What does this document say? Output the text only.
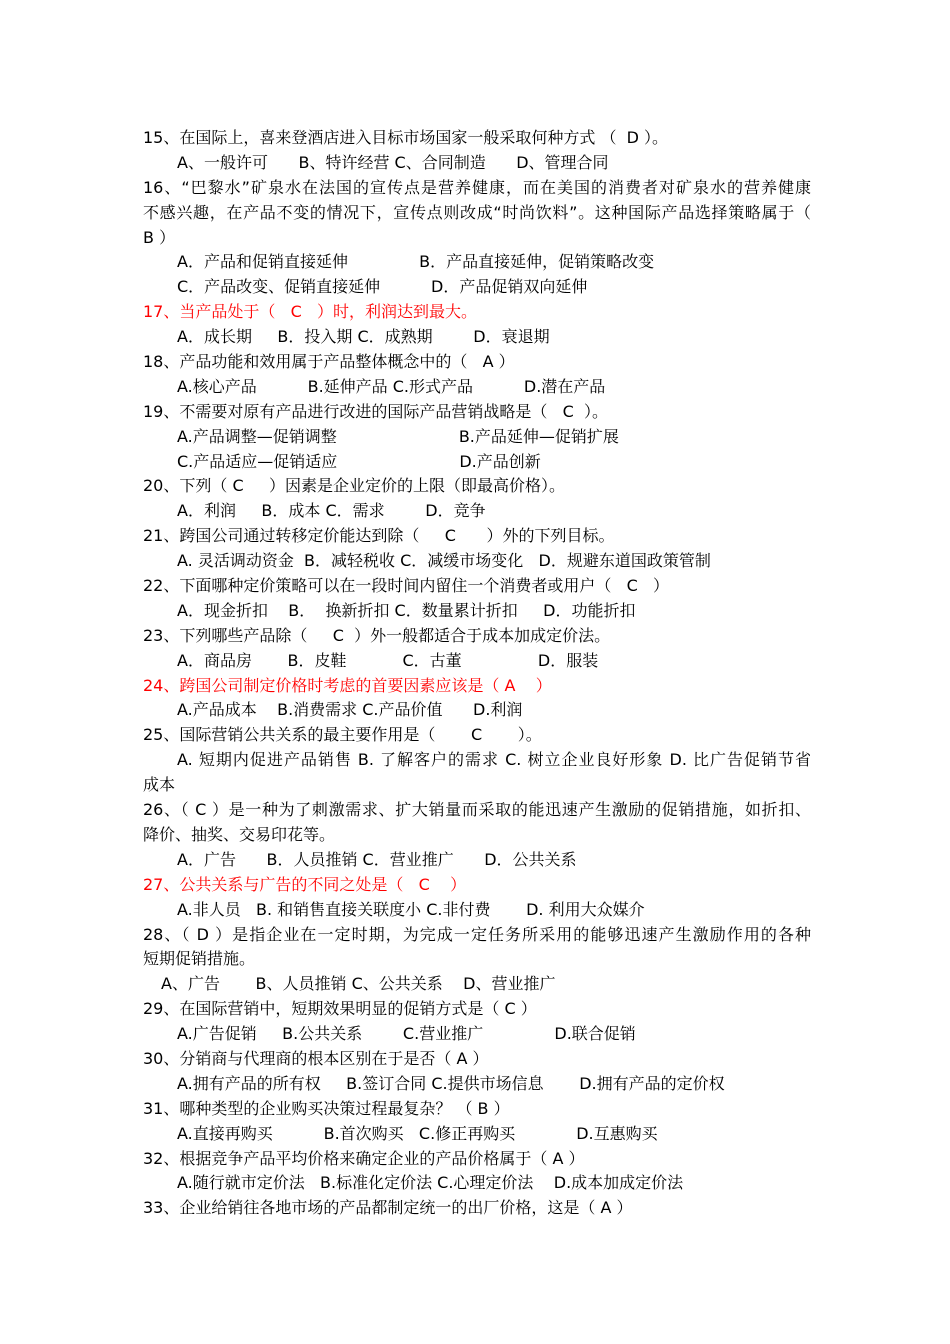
15、在国际上，喜来登酒店进入目标市场国家一般采取何种方式 （  D ）。
A、一般许可      B、特许经营 C、合同制造      D、管理合同
16、“巴黎水”矿泉水在法国的宣传点是营养健康，而在美国的消费者对矿泉水的营养健康
不感兴趣，在产品不变的情况下，宣传点则改成“时尚饮料”。这种国际产品选择策略属于（
B ）
A．产品和促销直接延伸              B．产品直接延伸，促销策略改变
C．产品改变、促销直接延伸          D．产品促销双向延伸
17、当产品处于（   C   ）时，利润达到最大。
A．成长期     B．投入期 C．成熟期        D．衰退期
18、产品功能和效用属于产品整体概念中的（   A ）
A.核心产品          B.延伸产品 C.形式产品          D.潜在产品
19、不需要对原有产品进行改进的国际产品营销战略是（   C  ）。
A.产品调整—促销调整                        B.产品延伸—促销扩展
C.产品适应—促销适应                        D.产品创新
20、下列（ C     ）因素是企业定价的上限（即最高价格）。
A．利润     B．成本 C．需求        D．竞争
21、跨国公司通过转移定价能达到除（     C      ）外的下列目标。
A. 灵活调动资金  B．减轻税收 C．减缓市场变化   D．规避东道国政策管制
22、下面哪种定价策略可以在一段时间内留住一个消费者或用户（   C   ）
A．现金折扣    B．  换新折扣 C．数量累计折扣     D．功能折扣
23、下列哪些产品除（     C  ）外一般都适合于成本加成定价法。
A．商品房       B．皮鞋           C．古董               D．服装
24、跨国公司制定价格时考虑的首要因素应该是（ A    ）
A.产品成本    B.消费需求 C.产品价值      D.利润
25、国际营销公共关系的最主要作用是（       C       ）。
A. 短期内促进产品销售 B. 了解客户的需求 C. 树立企业良好形象 D. 比广告促销节省
成本
26、（ C ）是一种为了刺激需求、扩大销量而采取的能迅速产生激励的促销措施，如折扣、
降价、抽奖、交易印花等。
A．广告      B．人员推销 C．营业推广      D．公共关系
27、公共关系与广告的不同之处是（   C    ）
A.非人员   B. 和销售直接关联度小 C.非付费       D. 利用大众媒介
28、（ D ）是指企业在一定时期，为完成一定任务所采用的能够迅速产生激励作用的各种
短期促销措施。
A、广告       B、人员推销 C、公共关系    D、营业推广
29、在国际营销中，短期效果明显的促销方式是（ C ）
A.广告促销     B.公共关系        C.营业推广              D.联合促销
30、分销商与代理商的根本区别在于是否（ A ）
A.拥有产品的所有权     B.签订合同 C.提供市场信息       D.拥有产品的定价权
31、哪种类型的企业购买决策过程最复杂？ （ B ）
A.直接再购买          B.首次购买   C.修正再购买            D.互惠购买
32、根据竞争产品平均价格来确定企业的产品价格属于（ A ）
A.随行就市定价法   B.标准化定价法 C.心理定价法    D.成本加成定价法
33、企业给销往各地市场的产品都制定统一的出厂价格，这是（ A ）
